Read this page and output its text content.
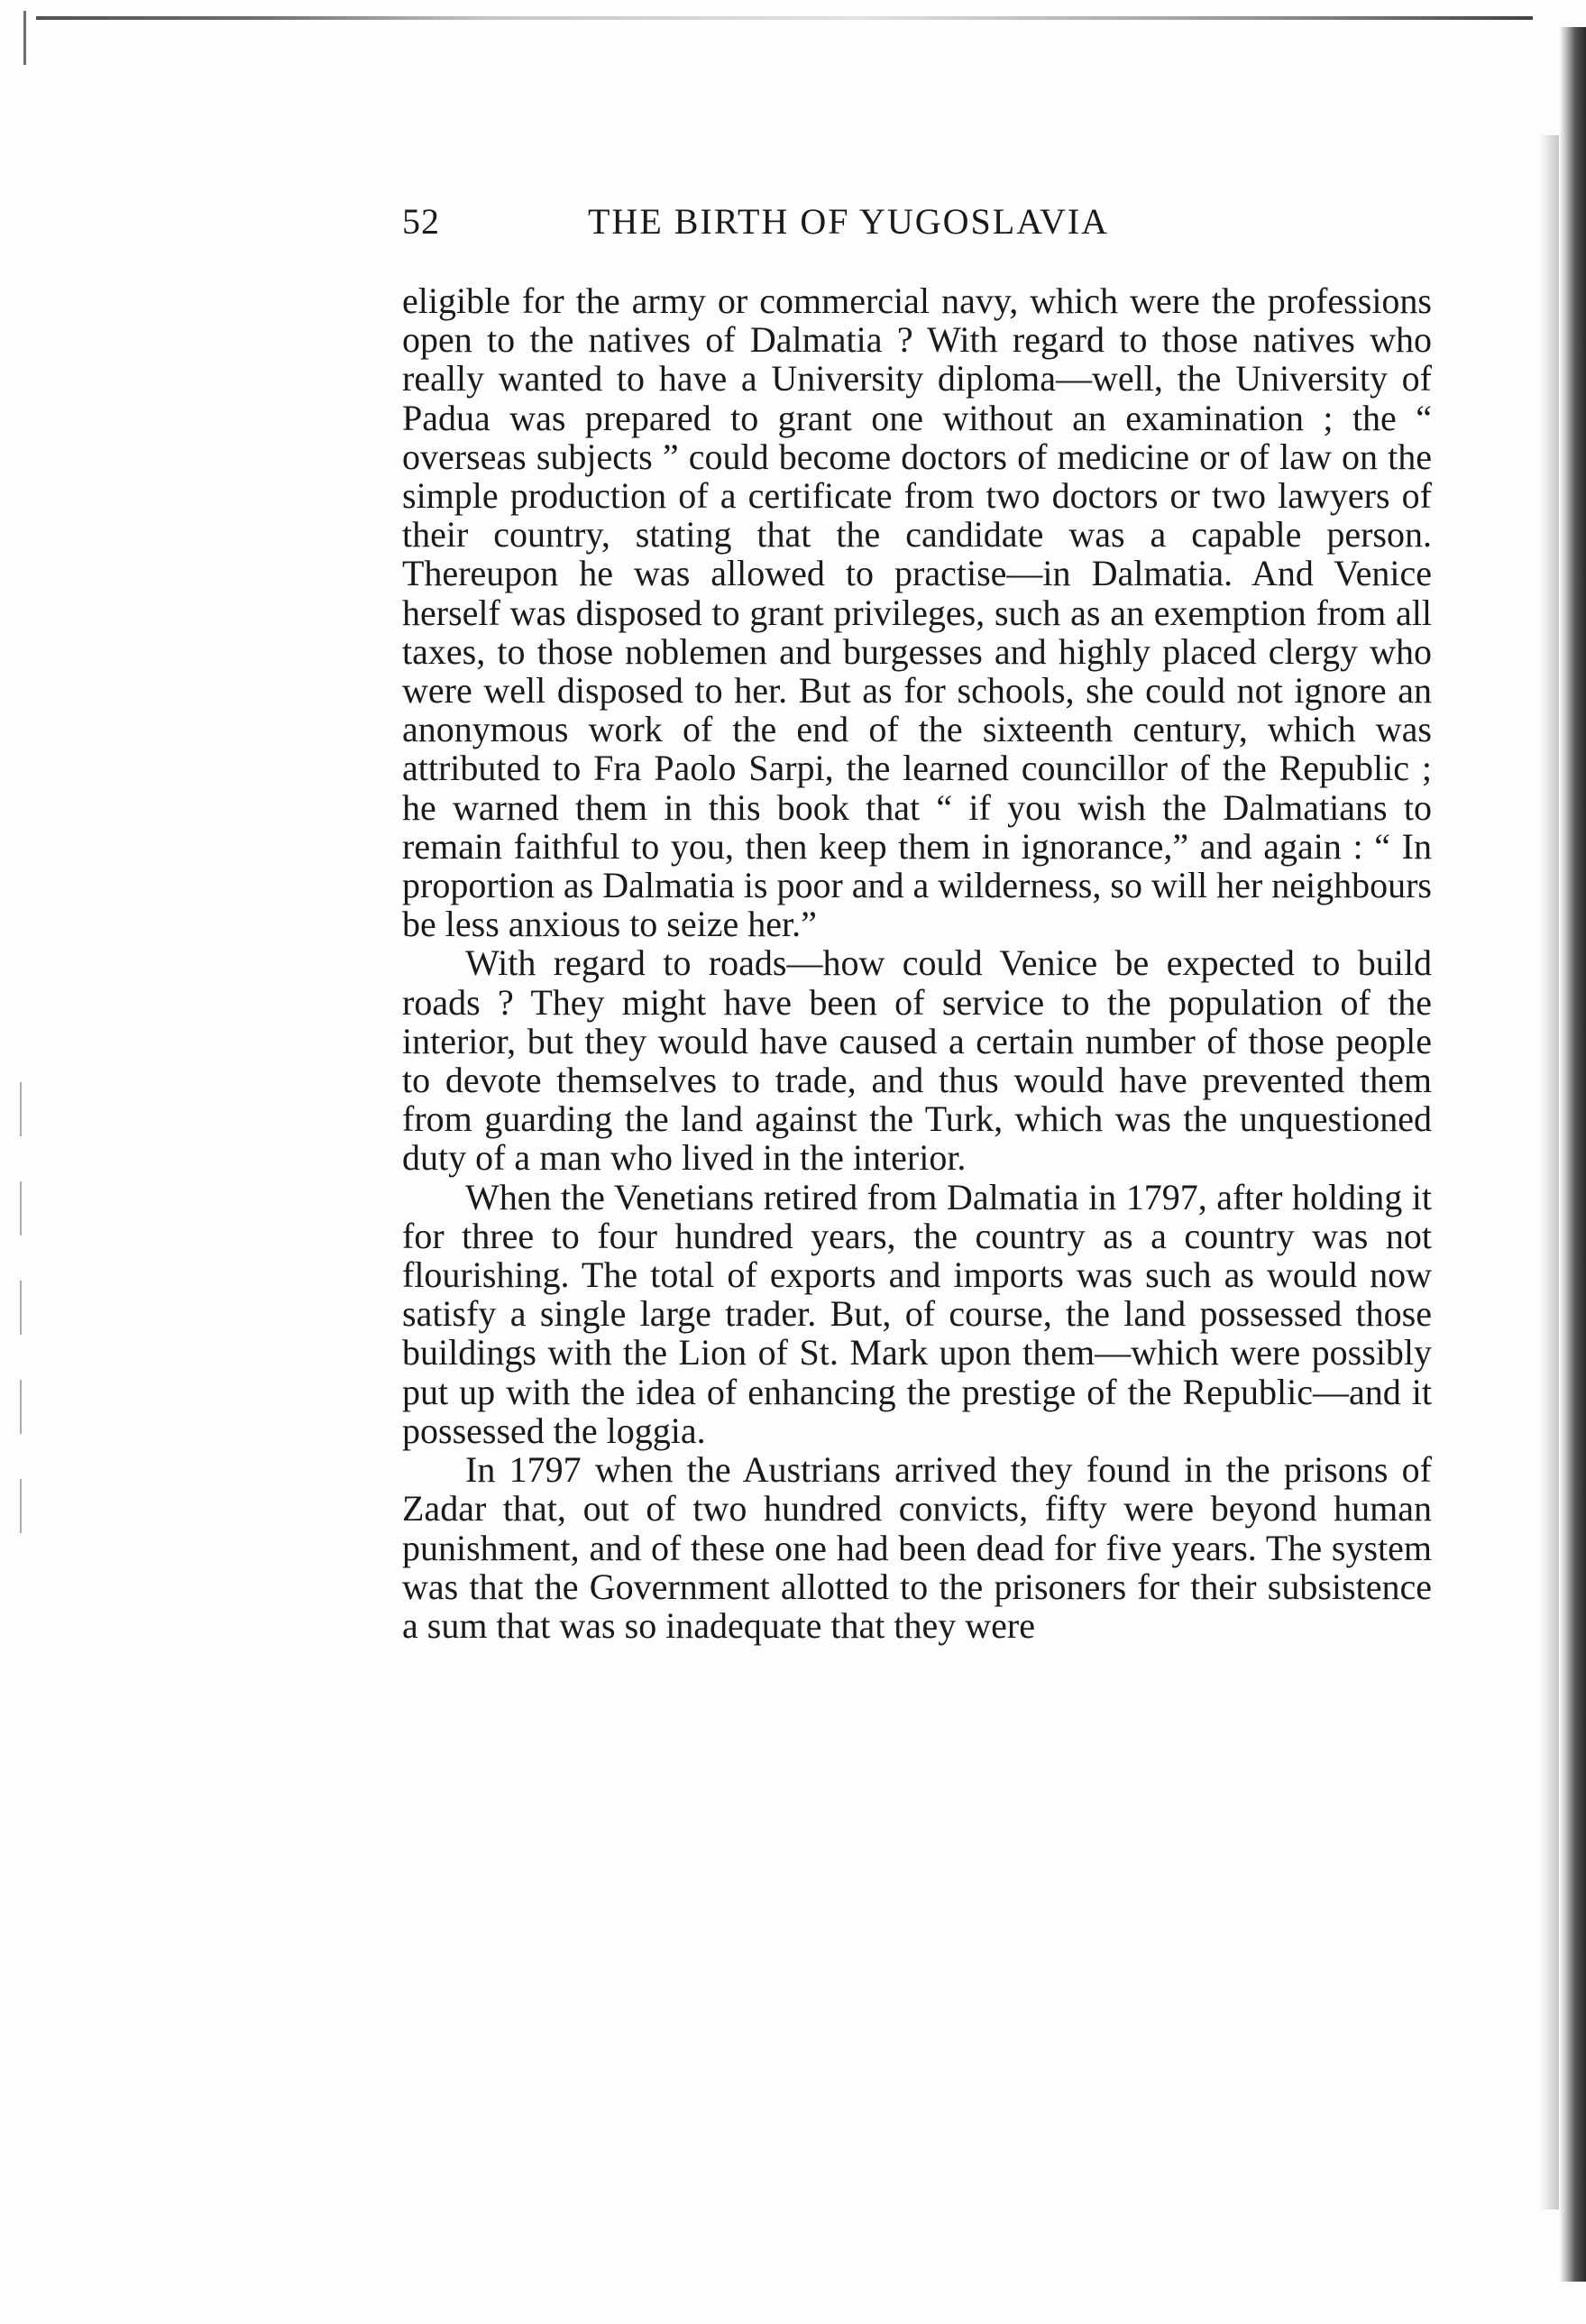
52	THE BIRTH OF YUGOSLAVIA

eligible for the army or commercial navy, which were the professions open to the natives of Dalmatia ? With regard to those natives who really wanted to have a University diploma—well, the University of Padua was prepared to grant one without an examination ; the “ overseas subjects ” could become doctors of medicine or of law on the simple production of a certificate from two doctors or two lawyers of their country, stating that the candidate was a capable person. Thereupon he was allowed to practise—in Dalmatia. And Venice herself was disposed to grant privileges, such as an exemption from all taxes, to those noblemen and burgesses and highly placed clergy who were well disposed to her. But as for schools, she could not ignore an anonymous work of the end of the sixteenth century, which was attributed to Fra Paolo Sarpi, the learned councillor of the Republic ; he warned them in this book that “ if you wish the Dalmatians to remain faithful to you, then keep them in ignorance,” and again : “ In proportion as Dalmatia is poor and a wilderness, so will her neighbours be less anxious to seize her.”

With regard to roads—how could Venice be expected to build roads ? They might have been of service to the population of the interior, but they would have caused a certain number of those people to devote themselves to trade, and thus would have prevented them from guarding the land against the Turk, which was the unquestioned duty of a man who lived in the interior.

When the Venetians retired from Dalmatia in 1797, after holding it for three to four hundred years, the country as a country was not flourishing. The total of exports and imports was such as would now satisfy a single large trader. But, of course, the land possessed those buildings with the Lion of St. Mark upon them—which were possibly put up with the idea of enhancing the prestige of the Republic—and it possessed the loggia.

In 1797 when the Austrians arrived they found in the prisons of Zadar that, out of two hundred convicts, fifty were beyond human punishment, and of these one had been dead for five years. The system was that the Government allotted to the prisoners for their subsistence a sum that was so inadequate that they were
